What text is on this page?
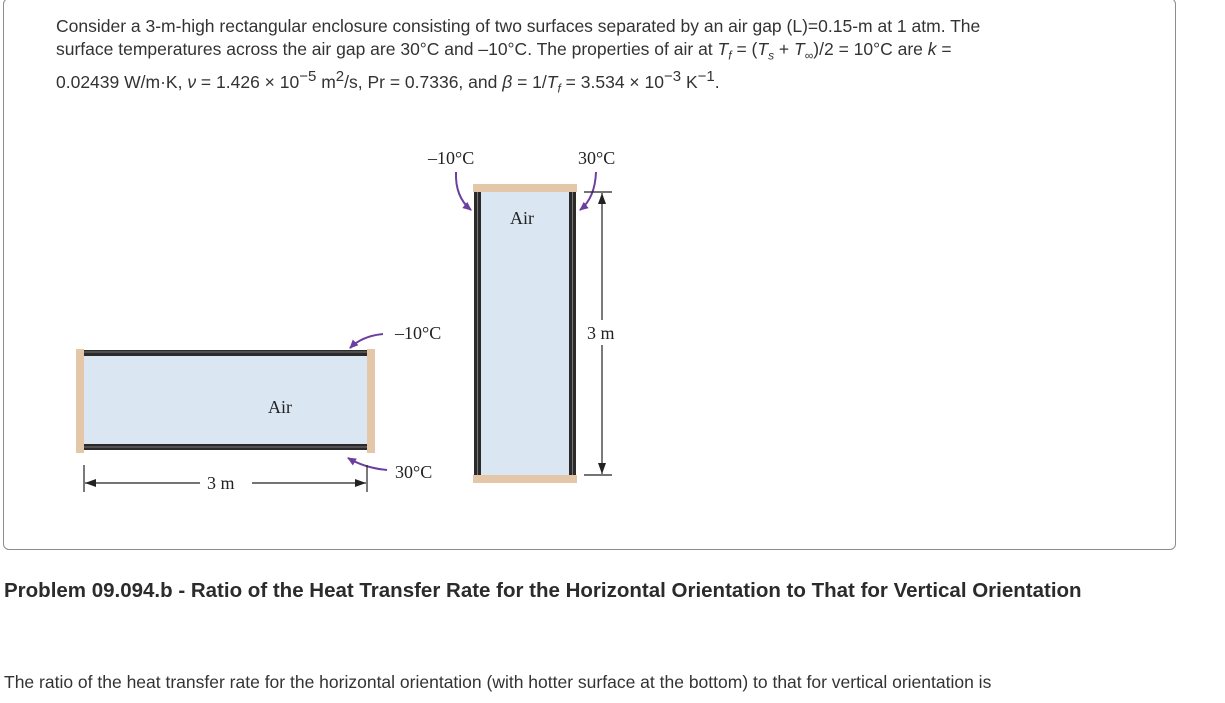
Consider a 3-m-high rectangular enclosure consisting of two surfaces separated by an air gap (L)=0.15-m at 1 atm. The
surface temperatures across the air gap are 30°C and –10°C. The properties of air at $T_f = (T_s + T_\infty)/2 = 10^\circ C$ are k =
0.02439 W/m·K, $\nu = 1.426 \times 10^{-5}$ $m^2/s$, Pr = 0.7336, and $\beta = 1/T_f = 3.534 \times 10^{-3}$ $K^{-1}$.
Air
–10°C
30°C
3 m
Air
–10°C	30°C
3 m
Problem 09.094.b - Ratio of the Heat Transfer Rate for the Horizontal Orientation to That for Vertical Orientation
The ratio of the heat transfer rate for the horizontal orientation (with hotter surface at the bottom) to that for vertical orientation is
